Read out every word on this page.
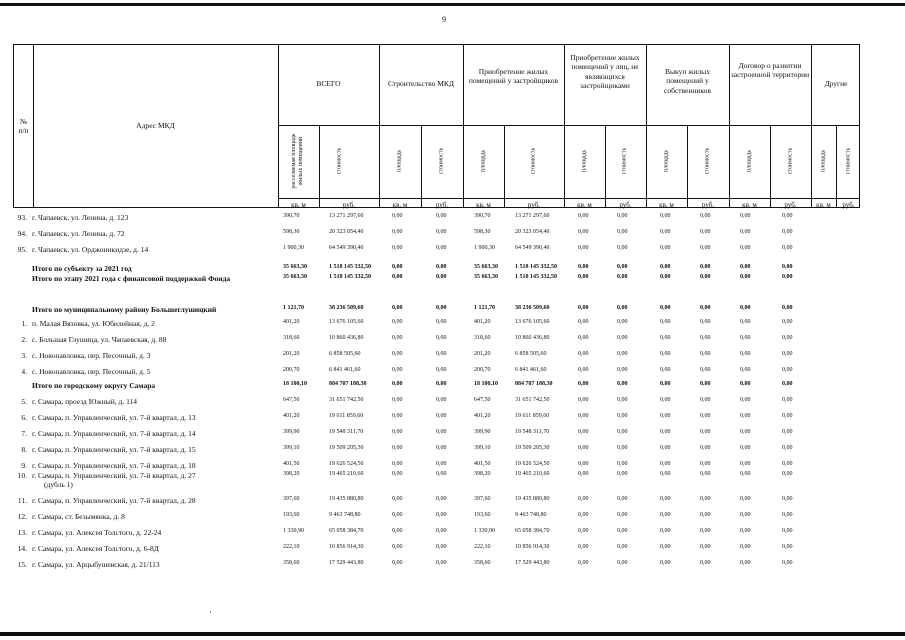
9
№
п/п
Адрес МКД
ВСЕГО	Строительство МКД
Приобретение жилых помещений у застройщиков
Приобретение жилых помещений у лиц, не являющихся застройщиками
Выкуп жилых помещений у собственников
Договор о развитии застроенной территории
Другие
расселяемая площадь жилых помещений	стоимость	площадь	стоимость	площадь	стоимость	площадь	стоимость	площадь	стоимость	площадь	стоимость	площадь	стоимость
кв. м	руб.	кв. м	руб.	кв. м	руб.	кв. м	руб.	кв. м	руб.	кв. м	руб.	кв. м	руб.
93. г. Чапаевск, ул. Ленина, д. 123	390,70	13 271 297,60	0,00	0,00	390,70	13 271 297,60	0,00	0,00	0,00	0,00	0,00	0,00
94. г. Чапаевск, ул. Ленина, д. 72	598,30	20 323 054,40	0,00	0,00	598,30	20 323 054,40	0,00	0,00	0,00	0,00	0,00	0,00
95. г. Чапаевск, ул. Орджоникидзе, д. 14	1 900,30	64 549 390,40	0,00	0,00	1 900,30	64 549 390,40	0,00	0,00	0,00	0,00	0,00	0,00
Итого по субъекту за 2021 год	35 663,30	1 518 145 332,50	0,00	0,00	35 663,30	1 518 145 332,50	0,00	0,00	0,00	0,00	0,00	0,00
Итого по этапу 2021 года с финансовой поддержкой Фонда	35 663,30	1 518 145 332,50	0,00	0,00	35 663,30	1 518 145 332,50	0,00	0,00	0,00	0,00	0,00	0,00
Итого по муниципальному району Большеглушицкий	1 121,70	38 236 509,60	0,00	0,00	1 121,70	38 236 509,60	0,00	0,00	0,00	0,00	0,00	0,00
1. п. Малая Вязовка, ул. Юбилейная, д. 2	401,20	13 676 105,60	0,00	0,00	401,20	13 676 105,60	0,00	0,00	0,00	0,00	0,00	0,00
2. с. Большая Глушица, ул. Чапаевская, д. 88	318,60	10 860 436,80	0,00	0,00	318,60	10 860 436,80	0,00	0,00	0,00	0,00	0,00	0,00
3. с. Новопавловка, пер. Песочный, д. 3	201,20	6 858 505,60	0,00	0,00	201,20	6 858 505,60	0,00	0,00	0,00	0,00	0,00	0,00
4. с. Новопавловка, пер. Песочный, д. 5	200,70	6 841 461,60	0,00	0,00	200,70	6 841 461,60	0,00	0,00	0,00	0,00	0,00	0,00
Итого по городскому округу Самара	18 100,10	884 707 188,30	0,00	0,00	18 100,10	884 707 188,30	0,00	0,00	0,00	0,00	0,00	0,00
5. г. Самара, проезд Южный, д. 114	647,50	31 651 742,50	0,00	0,00	647,50	31 651 742,50	0,00	0,00	0,00	0,00	0,00	0,00
6. г. Самара, п. Управленческий, ул. 7-й квартал, д. 13	401,20	19 611 859,60	0,00	0,00	401,20	19 611 859,60	0,00	0,00	0,00	0,00	0,00	0,00
7. г. Самара, п. Управленческий, ул. 7-й квартал, д. 14	399,90	19 548 311,70	0,00	0,00	399,90	19 548 311,70	0,00	0,00	0,00	0,00	0,00	0,00
8. г. Самара, п. Управленческий, ул. 7-й квартал, д. 15	399,10	19 509 205,30	0,00	0,00	399,10	19 509 205,30	0,00	0,00	0,00	0,00	0,00	0,00
9. г. Самара, п. Управленческий, ул. 7-й квартал, д. 18	401,50	19 626 524,50	0,00	0,00	401,50	19 626 524,50	0,00	0,00	0,00	0,00	0,00	0,00
10. г. Самара, п. Управленческий, ул. 7-й квартал, д. 27
(дубль 1)
398,20	19 465 210,60	0,00	0,00	398,20	19 465 210,60	0,00	0,00	0,00	0,00	0,00	0,00
11. г. Самара, п. Управленческий, ул. 7-й квартал, д. 28	397,60	19 435 880,80	0,00	0,00	397,60	19 435 880,80	0,00	0,00	0,00	0,00	0,00	0,00
12. г. Самара, ст. Безымянка, д. 8	193,60	9 463 748,80	0,00	0,00	193,60	9 463 748,80	0,00	0,00	0,00	0,00	0,00	0,00
13. г. Самара, ул. Алексея Толстого, д. 22-24	1 330,90	65 058 384,70	0,00	0,00	1 330,90	65 058 384,70	0,00	0,00	0,00	0,00	0,00	0,00
14. г. Самара, ул. Алексея Толстого, д. 6-8Д	222,10	10 856 914,30	0,00	0,00	222,10	10 856 914,30	0,00	0,00	0,00	0,00	0,00	0,00
15. г. Самара, ул. Арцыбушевская, д. 21/113	358,60	17 529 443,80	0,00	0,00	358,60	17 529 443,80	0,00	0,00	0,00	0,00	0,00	0,00
·
